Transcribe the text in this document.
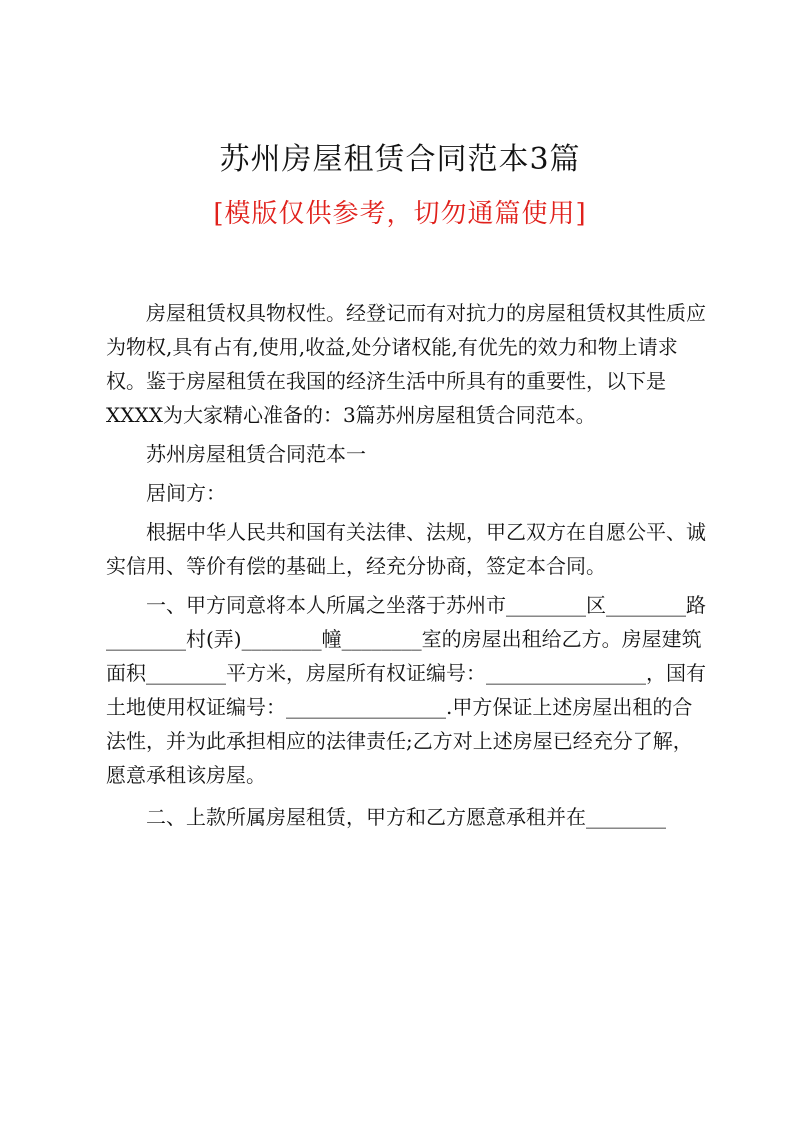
苏州房屋租赁合同范本3篇
[模版仅供参考，切勿通篇使用]

房屋租赁权具物权性。经登记而有对抗力的房屋租赁权其性质应为物权,具有占有,使用,收益,处分诸权能,有优先的效力和物上请求权。鉴于房屋租赁在我国的经济生活中所具有的重要性，以下是XXXX为大家精心准备的：3篇苏州房屋租赁合同范本。

苏州房屋租赁合同范本一

居间方：

根据中华人民共和国有关法律、法规，甲乙双方在自愿公平、诚实信用、等价有偿的基础上，经充分协商，签定本合同。

一、甲方同意将本人所属之坐落于苏州市________区________路________村(弄)________幢________室的房屋出租给乙方。房屋建筑面积________平方米，房屋所有权证编号：________________，国有土地使用权证编号：________________.甲方保证上述房屋出租的合法性，并为此承担相应的法律责任;乙方对上述房屋已经充分了解，愿意承租该房屋。

二、上款所属房屋租赁，甲方和乙方愿意承租并在________
